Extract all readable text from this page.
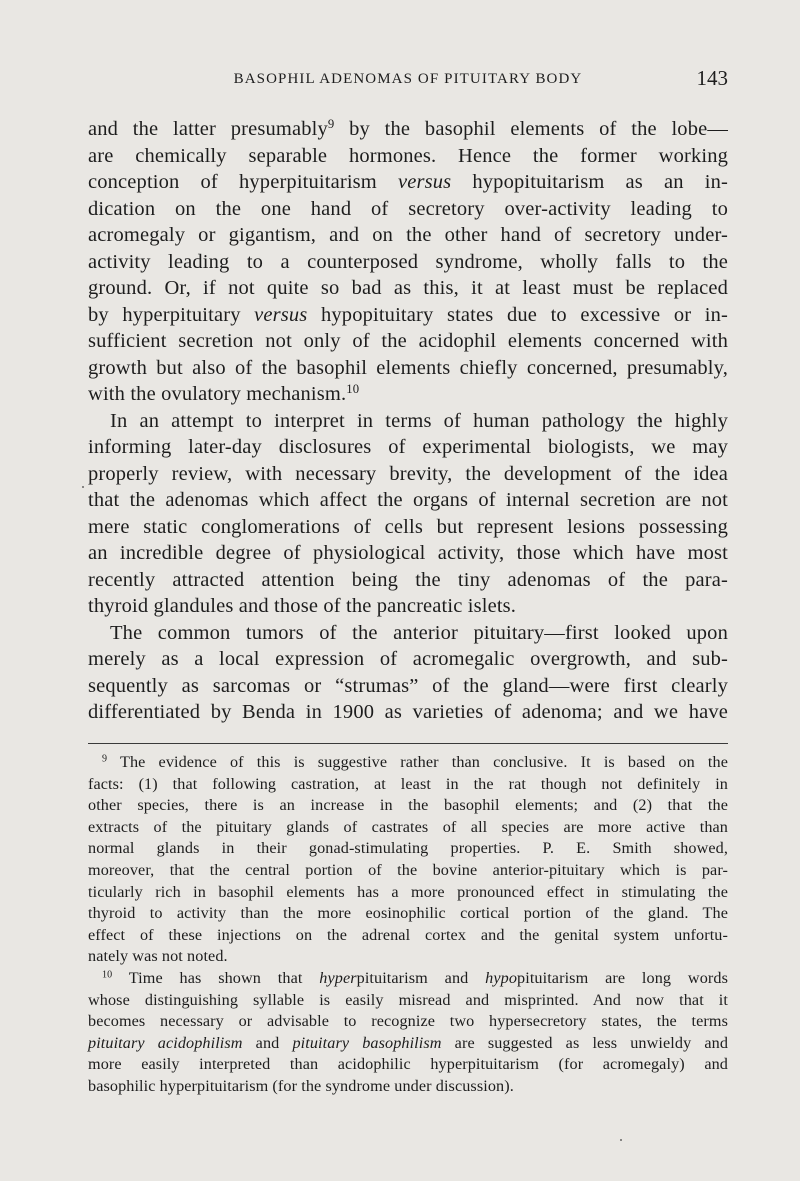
BASOPHIL ADENOMAS OF PITUITARY BODY	143
and the latter presumably$^9$ by the basophil elements of the lobe—
are chemically separable hormones. Hence the former working
conception of hyperpituitarism versus hypopituitarism as an in-
dication on the one hand of secretory over-activity leading to
acromegaly or gigantism, and on the other hand of secretory under-
activity leading to a counterposed syndrome, wholly falls to the
ground. Or, if not quite so bad as this, it at least must be replaced
by hyperpituitary versus hypopituitary states due to excessive or in-
sufficient secretion not only of the acidophil elements concerned with
growth but also of the basophil elements chiefly concerned, presumably,
with the ovulatory mechanism.$^{10}$
In an attempt to interpret in terms of human pathology the highly
informing later-day disclosures of experimental biologists, we may
properly review, with necessary brevity, the development of the idea
that the adenomas which affect the organs of internal secretion are not
mere static conglomerations of cells but represent lesions possessing
an incredible degree of physiological activity, those which have most
recently attracted attention being the tiny adenomas of the para-
thyroid glandules and those of the pancreatic islets.
The common tumors of the anterior pituitary—first looked upon
merely as a local expression of acromegalic overgrowth, and sub-
sequently as sarcomas or “strumas” of the gland—were first clearly
differentiated by Benda in 1900 as varieties of adenoma; and we have
$^9$ The evidence of this is suggestive rather than conclusive. It is based on the
facts: (1) that following castration, at least in the rat though not definitely in
other species, there is an increase in the basophil elements; and (2) that the
extracts of the pituitary glands of castrates of all species are more active than
normal glands in their gonad-stimulating properties. P. E. Smith showed,
moreover, that the central portion of the bovine anterior-pituitary which is par-
ticularly rich in basophil elements has a more pronounced effect in stimulating the
thyroid to activity than the more eosinophilic cortical portion of the gland. The
effect of these injections on the adrenal cortex and the genital system unfortu-
nately was not noted.
$^{10}$ Time has shown that hyperpituitarism and hypopituitarism are long words
whose distinguishing syllable is easily misread and misprinted. And now that it
becomes necessary or advisable to recognize two hypersecretory states, the terms
pituitary acidophilism and pituitary basophilism are suggested as less unwieldy and
more easily interpreted than acidophilic hyperpituitarism (for acromegaly) and
basophilic hyperpituitarism (for the syndrome under discussion).
